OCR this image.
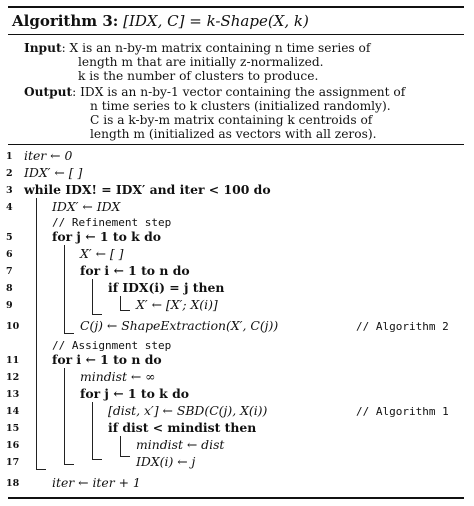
Algorithm 3: [IDX, C] = k-Shape(X, k)
Input: X is an n-by-m matrix containing n time series of
length m that are initially z-normalized.
k is the number of clusters to produce.
Output: IDX is an n-by-1 vector containing the assignment of
n time series to k clusters (initialized randomly).
C is a k-by-m matrix containing k centroids of
length m (initialized as vectors with all zeros).
1
2
3
4
5
6
7
8
9
10
11
12
13
14
15
16
17
18
iter ← 0
IDX′ ← [ ]
while IDX! = IDX′ and iter < 100 do
IDX′ ← IDX
// Refinement step
for j ← 1 to k do
X′ ← [ ]
for i ← 1 to n do
if IDX(i) = j then
X′ ← [X′; X(i)]
C(j) ← ShapeExtraction(X′, C(j))	// Algorithm 2
// Assignment step
for i ← 1 to n do
mindist ← ∞
for j ← 1 to k do
[dist, x′] ← SBD(C(j), X(i))	// Algorithm 1
if dist < mindist then
mindist ← dist
IDX(i) ← j
iter ← iter + 1
